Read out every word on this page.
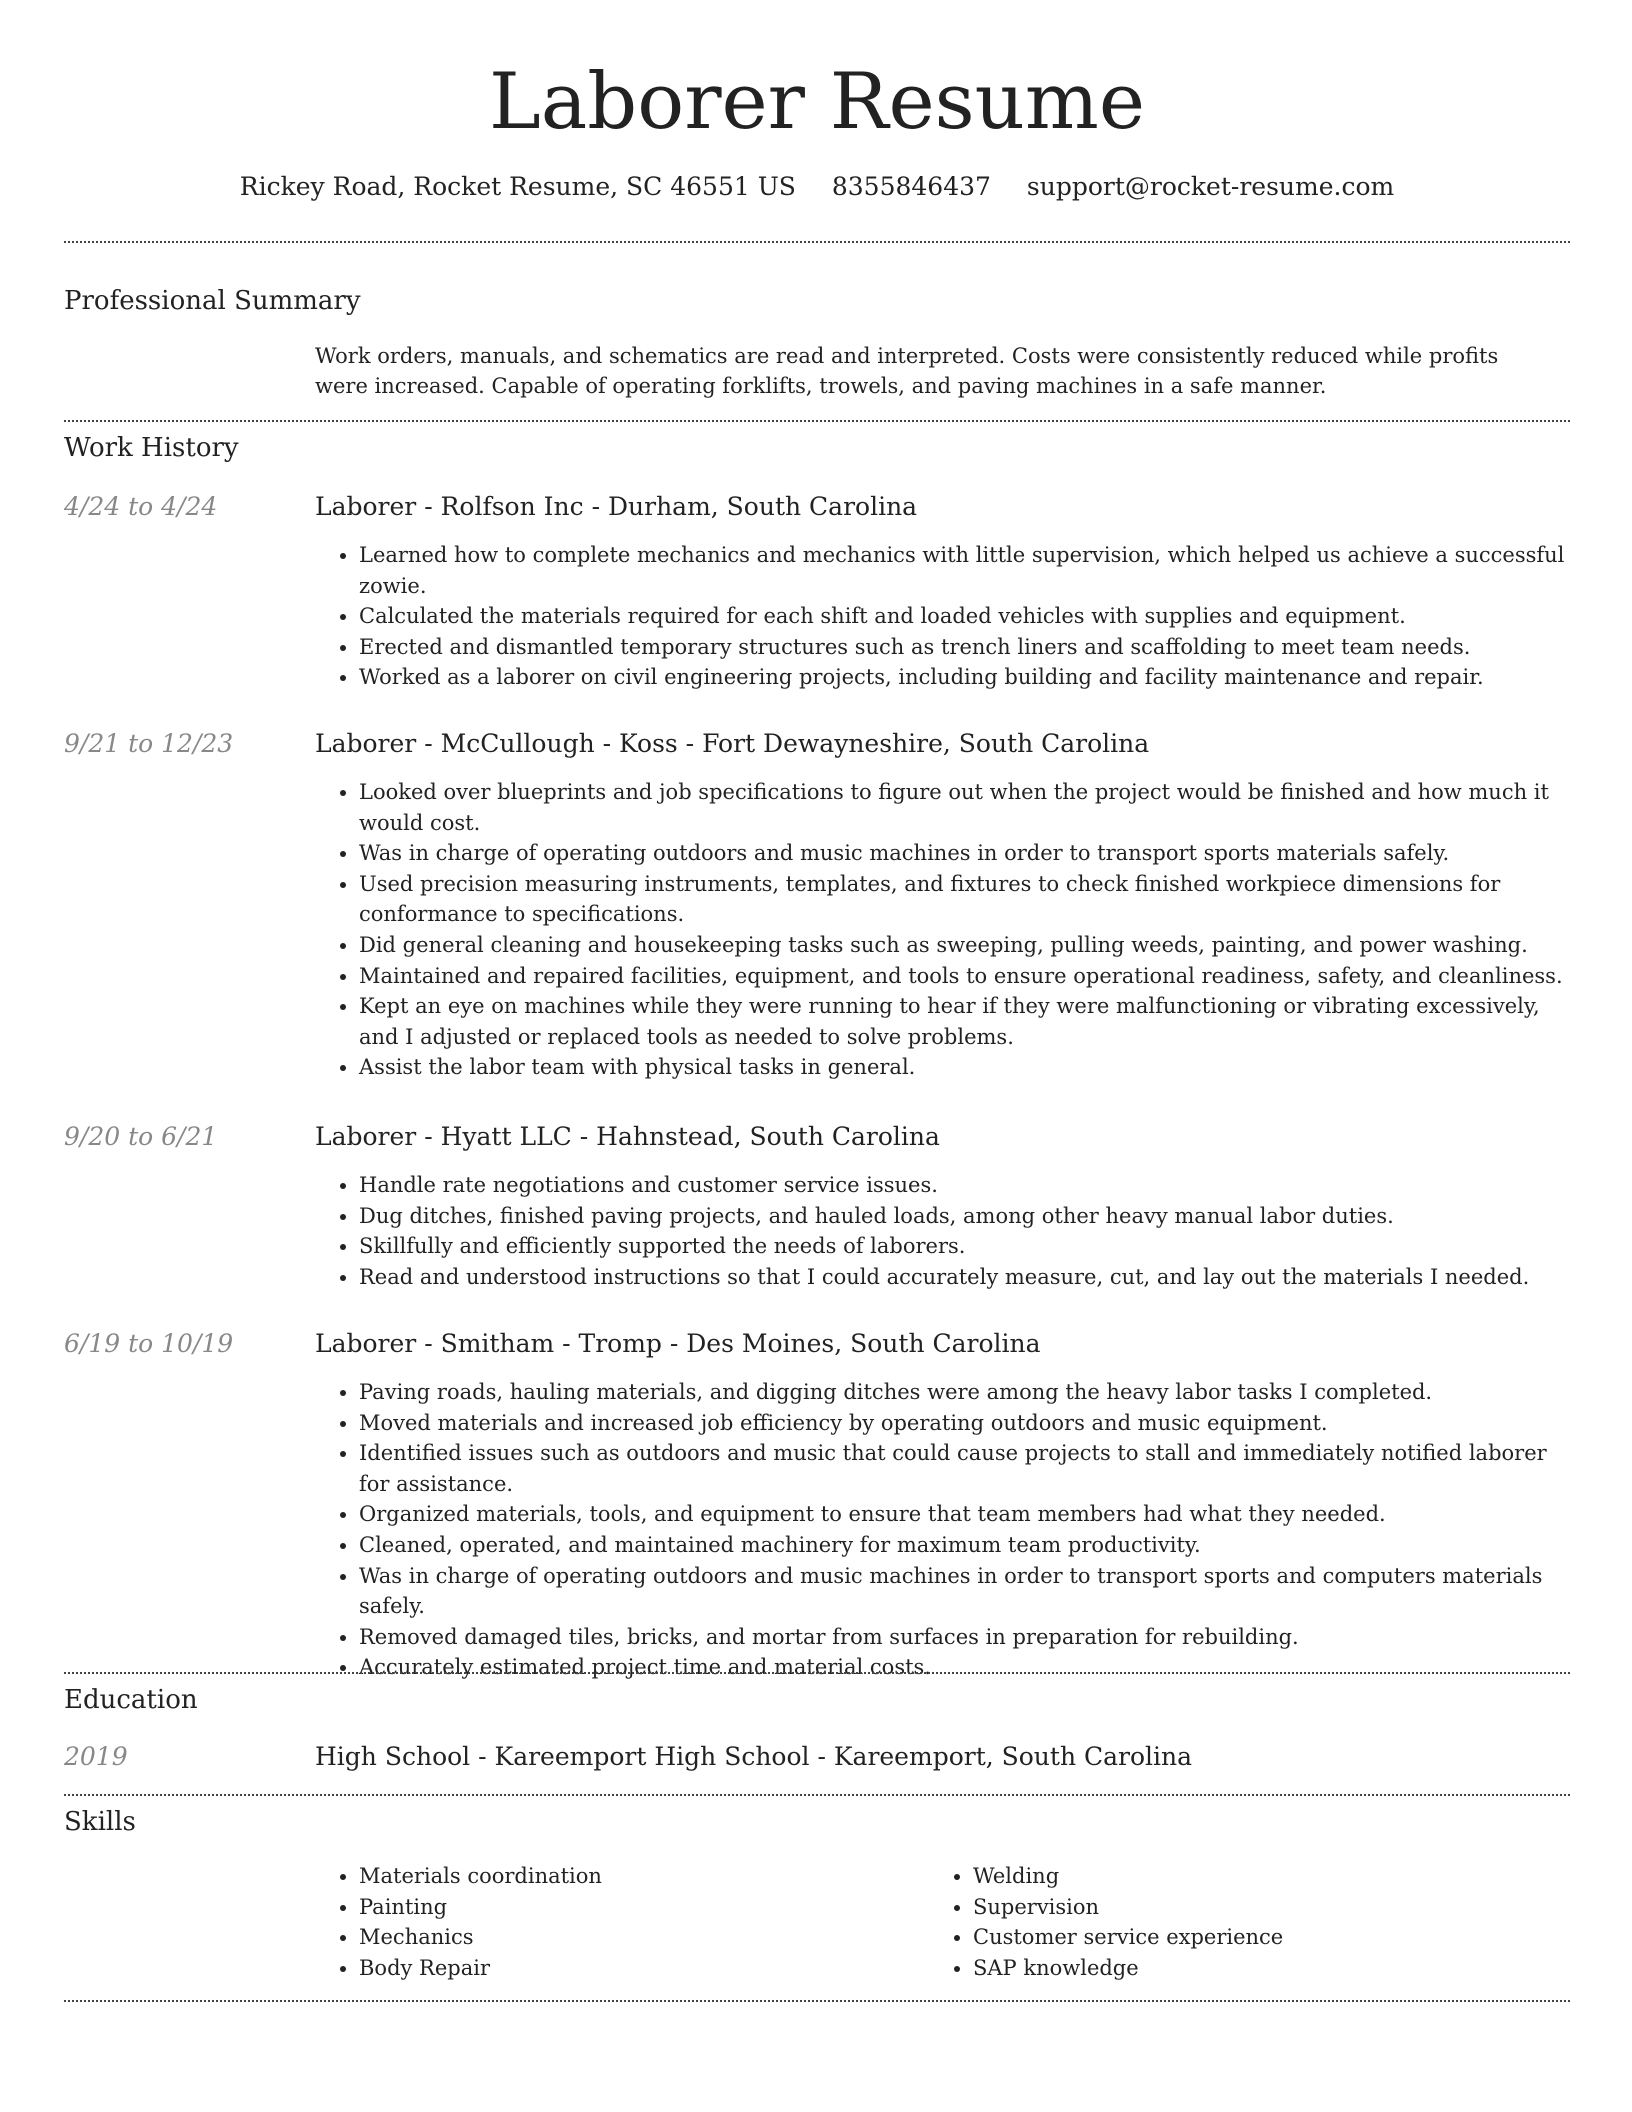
Laborer Resume
Rickey Road, Rocket Resume, SC 46551 US 8355846437 support@rocket-resume.com
Professional Summary
Work orders, manuals, and schematics are read and interpreted. Costs were consistently reduced while profits were increased. Capable of operating forklifts, trowels, and paving machines in a safe manner.
Work History
4/24 to 4/24	Laborer - Rolfson Inc - Durham, South Carolina
• Learned how to complete mechanics and mechanics with little supervision, which helped us achieve a successful zowie.
• Calculated the materials required for each shift and loaded vehicles with supplies and equipment.
• Erected and dismantled temporary structures such as trench liners and scaffolding to meet team needs.
• Worked as a laborer on civil engineering projects, including building and facility maintenance and repair.
9/21 to 12/23	Laborer - McCullough - Koss - Fort Dewayneshire, South Carolina
• Looked over blueprints and job specifications to figure out when the project would be finished and how much it would cost.
• Was in charge of operating outdoors and music machines in order to transport sports materials safely.
• Used precision measuring instruments, templates, and fixtures to check finished workpiece dimensions for conformance to specifications.
• Did general cleaning and housekeeping tasks such as sweeping, pulling weeds, painting, and power washing.
• Maintained and repaired facilities, equipment, and tools to ensure operational readiness, safety, and cleanliness.
• Kept an eye on machines while they were running to hear if they were malfunctioning or vibrating excessively, and I adjusted or replaced tools as needed to solve problems.
• Assist the labor team with physical tasks in general.
9/20 to 6/21	Laborer - Hyatt LLC - Hahnstead, South Carolina
• Handle rate negotiations and customer service issues.
• Dug ditches, finished paving projects, and hauled loads, among other heavy manual labor duties.
• Skillfully and efficiently supported the needs of laborers.
• Read and understood instructions so that I could accurately measure, cut, and lay out the materials I needed.
6/19 to 10/19	Laborer - Smitham - Tromp - Des Moines, South Carolina
• Paving roads, hauling materials, and digging ditches were among the heavy labor tasks I completed.
• Moved materials and increased job efficiency by operating outdoors and music equipment.
• Identified issues such as outdoors and music that could cause projects to stall and immediately notified laborer for assistance.
• Organized materials, tools, and equipment to ensure that team members had what they needed.
• Cleaned, operated, and maintained machinery for maximum team productivity.
• Was in charge of operating outdoors and music machines in order to transport sports and computers materials safely.
• Removed damaged tiles, bricks, and mortar from surfaces in preparation for rebuilding.
• Accurately estimated project time and material costs.
Education
2019	High School - Kareemport High School - Kareemport, South Carolina
Skills
• Materials coordination
• Painting
• Mechanics
• Body Repair
• Welding
• Supervision
• Customer service experience
• SAP knowledge
